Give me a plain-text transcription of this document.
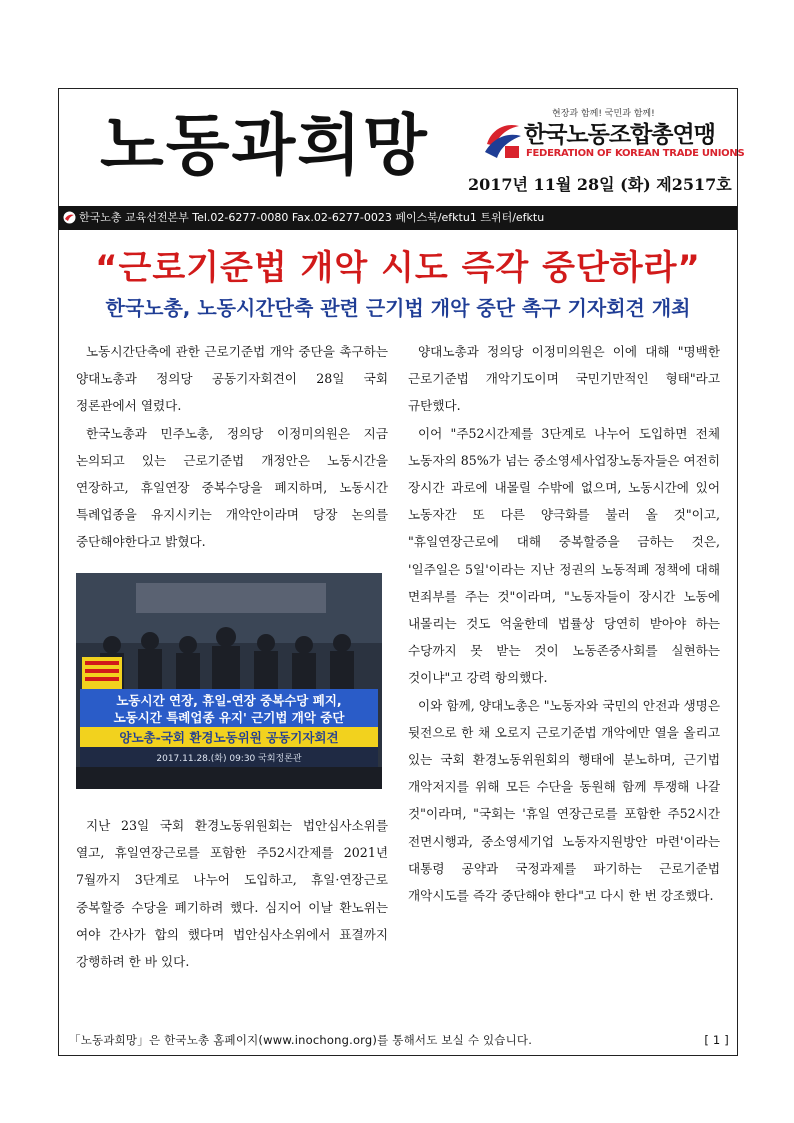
노동과희망	현장과 함께! 국민과 함께!
한국노동조합총연맹
FEDERATION OF KOREAN TRADE UNIONS
2017년 11월 28일 (화) 제2517호
한국노총 교육선전본부 Tel.02-6277-0080 Fax.02-6277-0023 페이스북/efktu1 트위터/efktu
“근로기준법 개악 시도 즉각 중단하라”
한국노총, 노동시간단축 관련 근기법 개악 중단 촉구 기자회견 개최

노동시간단축에 관한 근로기준법 개악 중단을 촉구하는 양대노총과 정의당 공동기자회견이 28일 국회 정론관에서 열렸다.

한국노총과 민주노총, 정의당 이정미의원은 지금 논의되고 있는 근로기준법 개정안은 노동시간을 연장하고, 휴일연장 중복수당을 폐지하며, 노동시간 특례업종을 유지시키는 개악안이라며 당장 논의를 중단해야한다고 밝혔다.

노동시간 연장, 휴일-연장 중복수당 폐지,
노동시간 특례업종 유지' 근기법 개악 중단
양노총-국회 환경노동위원 공동기자회견
2017.11.28.(화) 09:30 국회정론관

지난 23일 국회 환경노동위원회는 법안심사소위를 열고, 휴일연장근로를 포함한 주52시간제를 2021년 7월까지 3단계로 나누어 도입하고, 휴일·연장근로 중복할증 수당을 폐기하려 했다. 심지어 이날 환노위는 여야 간사가 합의 했다며 법안심사소위에서 표결까지 강행하려 한 바 있다.

양대노총과 정의당 이정미의원은 이에 대해 "명백한 근로기준법 개악기도이며 국민기만적인 형태"라고 규탄했다.

이어 "주52시간제를 3단계로 나누어 도입하면 전체 노동자의 85%가 넘는 중소영세사업장노동자들은 여전히 장시간 과로에 내몰릴 수밖에 없으며, 노동시간에 있어 노동자간 또 다른 양극화를 불러 올 것"이고, "휴일연장근로에 대해 중복할증을 금하는 것은, '일주일은 5일'이라는 지난 정권의 노동적폐 정책에 대해 면죄부를 주는 것"이라며, "노동자들이 장시간 노동에 내몰리는 것도 억울한데 법률상 당연히 받아야 하는 수당까지 못 받는 것이 노동존중사회를 실현하는 것이냐"고 강력 항의했다.

이와 함께, 양대노총은 "노동자와 국민의 안전과 생명은 뒷전으로 한 채 오로지 근로기준법 개악에만 열을 올리고 있는 국회 환경노동위원회의 행태에 분노하며, 근기법 개악저지를 위해 모든 수단을 동원해 함께 투쟁해 나갈 것"이라며, "국회는 '휴일 연장근로를 포함한 주52시간 전면시행과, 중소영세기업 노동자지원방안 마련'이라는 대통령 공약과 국정과제를 파기하는 근로기준법 개악시도를 즉각 중단해야 한다"고 다시 한 번 강조했다.

「노동과희망」은 한국노총 홈페이지(www.inochong.org)를 통해서도 보실 수 있습니다.	[ 1 ]
